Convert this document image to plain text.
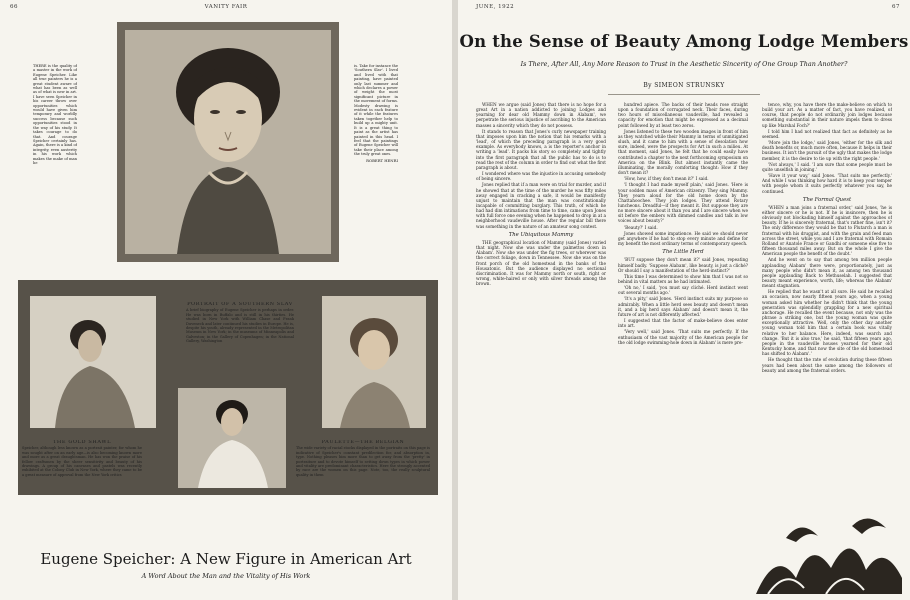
66	VANITY FAIR

THERE is the quality of a master in the work of Eugene Speicher. Like all true painters he is a great student aware of what has been as well as of what is new in art. I have seen Speicher in his career throw over opportunities which would have given him temporary and worldly success because such opportunities stood in the way of his study. It takes courage to do that. And courage Speicher certainly has. Again, there is a kind of integrity, even austerity in his work which makes the make of man he

is. Take for instance the 'Southern Slav'. I lived and lived with that painting, have painted only last summer and which declares a power of weight the most significant picture in the movement of forms. Modesty drawing is evident in each feature of it while the features taken together help to build up a mighty unit. It is a great thing to paint as the artist has painted in this head. I feel that the paintings of Eugene Speicher will take their place among the truly great ones.

ROBERT HENRI

PORTRAIT OF A SOUTHERN SLAV

A brief biography of Eugene Speicher is perhaps in order. He was born in Buffalo and is still in his thirties. He studied in New York with William Chase and Frank Duveneck and later continued his studies in Europe. He is, despite his youth, already represented in the Metropolitan Museum in New York; in the museums of Minneapolis and Galveston; in the Gallery of Copenhagen; in the National Gallery, Washington

THE GOLD SHAWL

Speicher, although less known as a portrait painter, for whom he was sought after on an early age—is also becoming known more and more as a great draughtsman. He has won the praise of his fellow craftsmen by the sheer sensitivity and beauty of his drawings. A group of his canvases and pastels was recently exhibited at the Colony Club in New York, where they came to be a great measure of approval from the New York critics

PAULETTE—THE BELGIAN

The wide variety of racial stocks displayed in the portraits on this page is indicative of Speicher's constant predilection for, and absorption in, type. Nothing pleases him more than to get away from the 'pretty' in portraiture and to devote himself to setting down types in which power and vitality are predominant characteristics. Here the strongly accented by race are the women on this page. Note, too, the really sculptural quality in them

Eugene Speicher: A New Figure in American Art
A Word About the Man and the Vitality of His Work
JUNE, 1922	67
On the Sense of Beauty Among Lodge Members
Is There, After All, Any More Reason to Trust in the Aesthetic Sincerity of One Group Than Another?
By SIMEON STRUNSKY

WHEN we argue (said Jones) that there is no hope for a great Art in a nation addicted to joining Lodges and yearning for dear old Mammy down in Alabam', we perpetrate the serious injustice of ascribing to the American masses a sincerity which they do not possess.

It stands to reason that Jones's curly newspaper training that imposes upon him the notion that his remarks with a 'lead', of which the preceding paragraph is a very good example. As everybody knows, a is the reporter's anchor in writing a 'lead'. It packs his story so completely and tightly into the first paragraph that all the public has to do is to read the rest of the column in order to find out what the first paragraph is about.

I wondered where was the injustice in accusing somebody of being sincere.

Jones replied that if a man were on trial for murder, and if he showed that at the time of the murder he was fifty miles away engaged in cracking a safe, it would be manifestly unjust to maintain that the man was constitutionally incapable of committing burglary. This truth, of which he had had dim intimations from time to time, came upon Jones with full force one evening when he happened to drop in at a neighborhood vaudeville house. After the regular bill there was something in the nature of an amateur song contest.

The Ubiquitous Mammy

THE geographical location of Mammy (said Jones) varied that night. Now she was under the palmettos down in Alabam'. Now she was under the fig trees, or wherever was the correct foliage, down in Tennessee. Now she was on the front porch of the old homestead in the banks of the Housatonic. But the audience displayed no sectional discrimination. It was for Mammy north or south, right or wrong, white-haired or only with silver threads among the brown.

hundred apiece. The backs of their heads rose straight upon a foundation of corrugated neck. Their faces, during two hours of miscellaneous vaudeville, had revealed a capacity for emotion that might be expressed as a decimal point followed by at least two zeros.

Jones listened to these two wooden images in front of him as they watched while their Mammy in terms of unmitigated slush, and it came to him with a sense of desolation how sure, indeed, were the prospects for Art in such a milieu. At that moment, said Jones, he felt that he could easily have contributed a chapter to the next forthcoming symposium on America on the Blink. But almost instantly came the illuminating, the morally comforting thought: How if they don't mean it?

'How, how, if they don't mean it?' I said.

'I thought I had made myself plain,' said Jones. 'Here is your sodden mass of American citizenry. They sing Mammy. They yearn aloud for the old home down by the Chattahoochee. They join lodges. They attend Rotary luncheons. Dreadful—if they meant it. But suppose they are no more sincere about it than you and I are sincere when we sit before the embers with dimmed candles and talk in low voices about beauty?'

'Beauty?' I said.

Jones showed some impatience. He said we should never get anywhere if he had to stop every minute and define for my benefit the most ordinary terms of contemporary speech.

The Little Herd

'BUT suppose they don't mean it?' said Jones, repeating himself badly. 'Suppose Alabam', like beauty, is just a cliché? Or should I say a manifestation of the herd-instinct?'

This time I was determined to show him that I was not so behind in vital matters as he had intimated.

'Oh no,' I said, 'you must say cliché. Herd instinct went out several months ago.'

'It's a pity,' said Jones. 'Herd instinct suits my purpose so admirably. When a little herd sees beauty and doesn't mean it, and a big herd says Alabam' and doesn't mean it, the future of art is not differently affected.'

I suggested that the factor of make-believe does enter into art.

'Very well,' said Jones. 'That suits me perfectly. If the enthusiasm of the vast majority of the American people for the old lodge swimming-hole down in Alabam' is mere pre-

tence, why, you have there the make-believe on which to build your art. As a matter of fact, you have realized, of course, that people do not ordinarily join lodges because something substantial in their nature impels them to dress up like Marshal Foch?'

I told him I had not realized that fact as definitely as he seemed.

'More join the lodge,' said Jones, 'either for the silk and death benefits or, much more often, because it helps in their business. It isn't the pursuit of the ugly that makes the lodge member, it is the desire to tie up with the right people.'

'Not always,' I said. 'I am sure that some people must be quite unselfish in joining.'

'Have it your way,' said Jones. 'That suits me perfectly.' And while I was thinking how hard it is to keep your temper with people whom it suits perfectly whatever you say, he continued.

The Formal Quest

'WHEN a man joins a fraternal order,' said Jones, 'he is either sincere or he is not. If he is insincere, then he is obviously not blockading himself against the approaches of beauty. If he is sincerely fraternal, that's rather fine, isn't it? The only difference they would be that to Plutarch a man is fraternal with his druggist, and with the grain and feed man across the street, while you and I are fraternal with Romain Rolland or Anatole France or Gandhi or someone else five to fifteen thousand miles away. But on the whole I give the American people the benefit of the doubt.'

And he went on to say that among ten million people applauding Alabam' there were, proportionately, just as many people who didn't mean it, as among ten thousand people applauding Back to Methuselah. I suggested that beauty meant experience, worth, life; whereas the Alabam' meant stagnation.

He replied that he wasn't at all sure. He said he recalled an occasion, now nearly fifteen years ago, when a young woman asked him whether he didn't think that the young generation was splendidly grappling for a new spiritual anchorage. He recalled the event because, not only was the phrase a striking one, but the young woman was quite exceptionally attractive. Well, only the other day another young woman told him that a certain book was vitally relative to her balance. Here, indeed, was search and change. 'But it is also true,' he said, 'that fifteen years ago, people in the vaudeville houses yearned for their old Kentucky home, and that now the site of the old homestead has shifted to Alabam'.'

He thought that the rate of evolution during these fifteen years had been about the same among the followers of beauty and among the fraternal orders.
